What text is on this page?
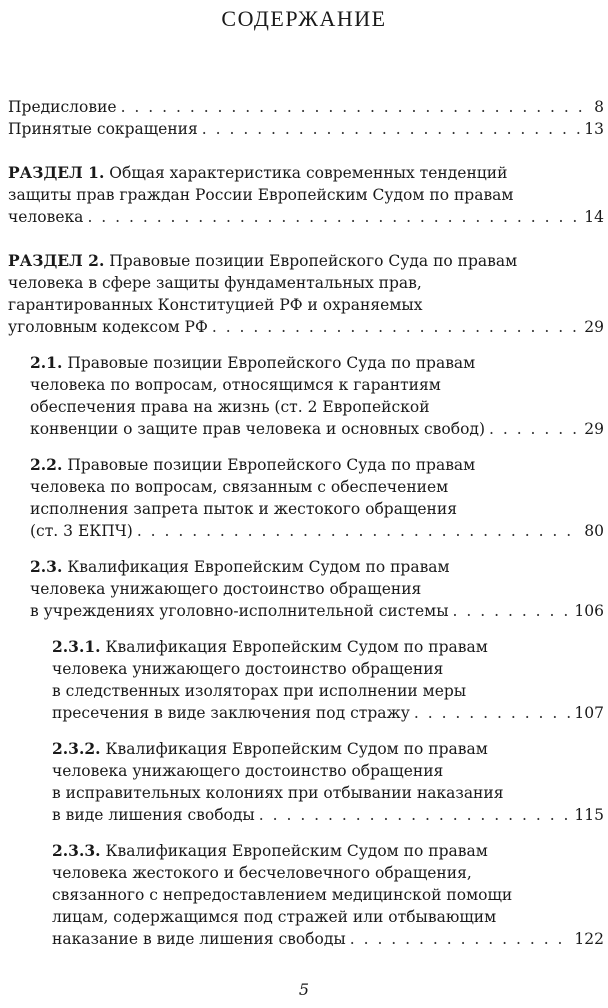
СОДЕРЖАНИЕ
Предисловие . . .	8
Принятые сокращения . . .	13
РАЗДЕЛ 1. Общая характеристика современных тенденций
защиты прав граждан России Европейским Судом по правам
человека . . .	14
РАЗДЕЛ 2. Правовые позиции Европейского Суда по правам
человека в сфере защиты фундаментальных прав,
гарантированных Конституцией РФ и охраняемых
уголовным кодексом РФ . . .	29
2.1. Правовые позиции Европейского Суда по правам
человека по вопросам, относящимся к гарантиям
обеспечения права на жизнь (ст. 2 Европейской
конвенции о защите прав человека и основных свобод) . . .	29
2.2. Правовые позиции Европейского Суда по правам
человека по вопросам, связанным с обеспечением
исполнения запрета пыток и жестокого обращения
(ст. 3 ЕКПЧ) . . .	80
2.3. Квалификация Европейским Судом по правам
человека унижающего достоинство обращения
в учреждениях уголовно-исполнительной системы . . .	106
2.3.1. Квалификация Европейским Судом по правам
человека унижающего достоинство обращения
в следственных изоляторах при исполнении меры
пресечения в виде заключения под стражу . . .	107
2.3.2. Квалификация Европейским Судом по правам
человека унижающего достоинство обращения
в исправительных колониях при отбывании наказания
в виде лишения свободы . . .	115
2.3.3. Квалификация Европейским Судом по правам
человека жестокого и бесчеловечного обращения,
связанного с непредоставлением медицинской помощи
лицам, содержащимся под стражей или отбывающим
наказание в виде лишения свободы . . .	122
5
